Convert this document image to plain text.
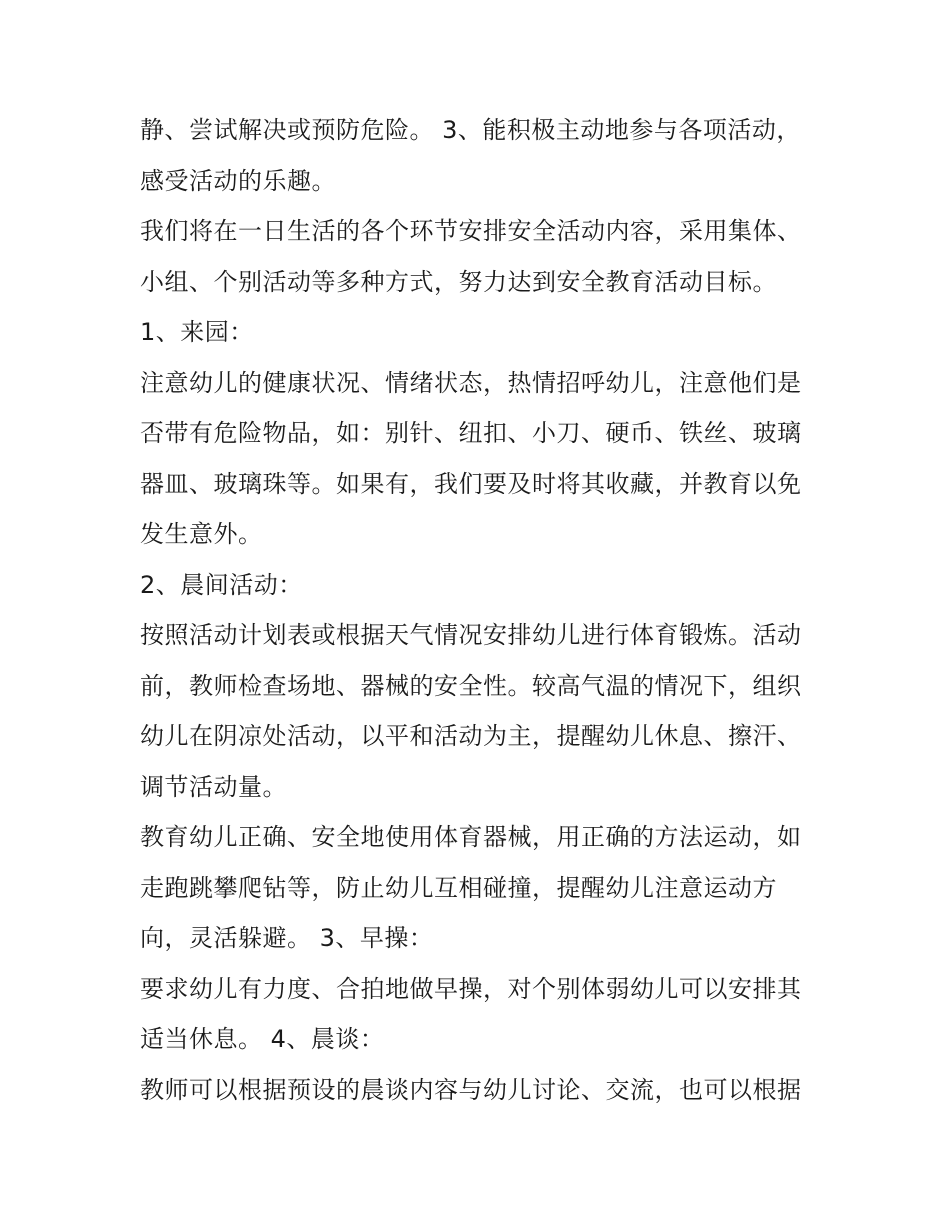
静、尝试解决或预防危险。 3、能积极主动地参与各项活动，
感受活动的乐趣。
我们将在一日生活的各个环节安排安全活动内容，采用集体、
小组、个别活动等多种方式，努力达到安全教育活动目标。
1、来园：
注意幼儿的健康状况、情绪状态，热情招呼幼儿，注意他们是
否带有危险物品，如：别针、纽扣、小刀、硬币、铁丝、玻璃
器皿、玻璃珠等。如果有，我们要及时将其收藏，并教育以免
发生意外。
2、晨间活动：
按照活动计划表或根据天气情况安排幼儿进行体育锻炼。活动
前，教师检查场地、器械的安全性。较高气温的情况下，组织
幼儿在阴凉处活动，以平和活动为主，提醒幼儿休息、擦汗、
调节活动量。
教育幼儿正确、安全地使用体育器械，用正确的方法运动，如
走跑跳攀爬钻等，防止幼儿互相碰撞，提醒幼儿注意运动方
向，灵活躲避。 3、早操：
要求幼儿有力度、合拍地做早操，对个别体弱幼儿可以安排其
适当休息。 4、晨谈：
教师可以根据预设的晨谈内容与幼儿讨论、交流，也可以根据
